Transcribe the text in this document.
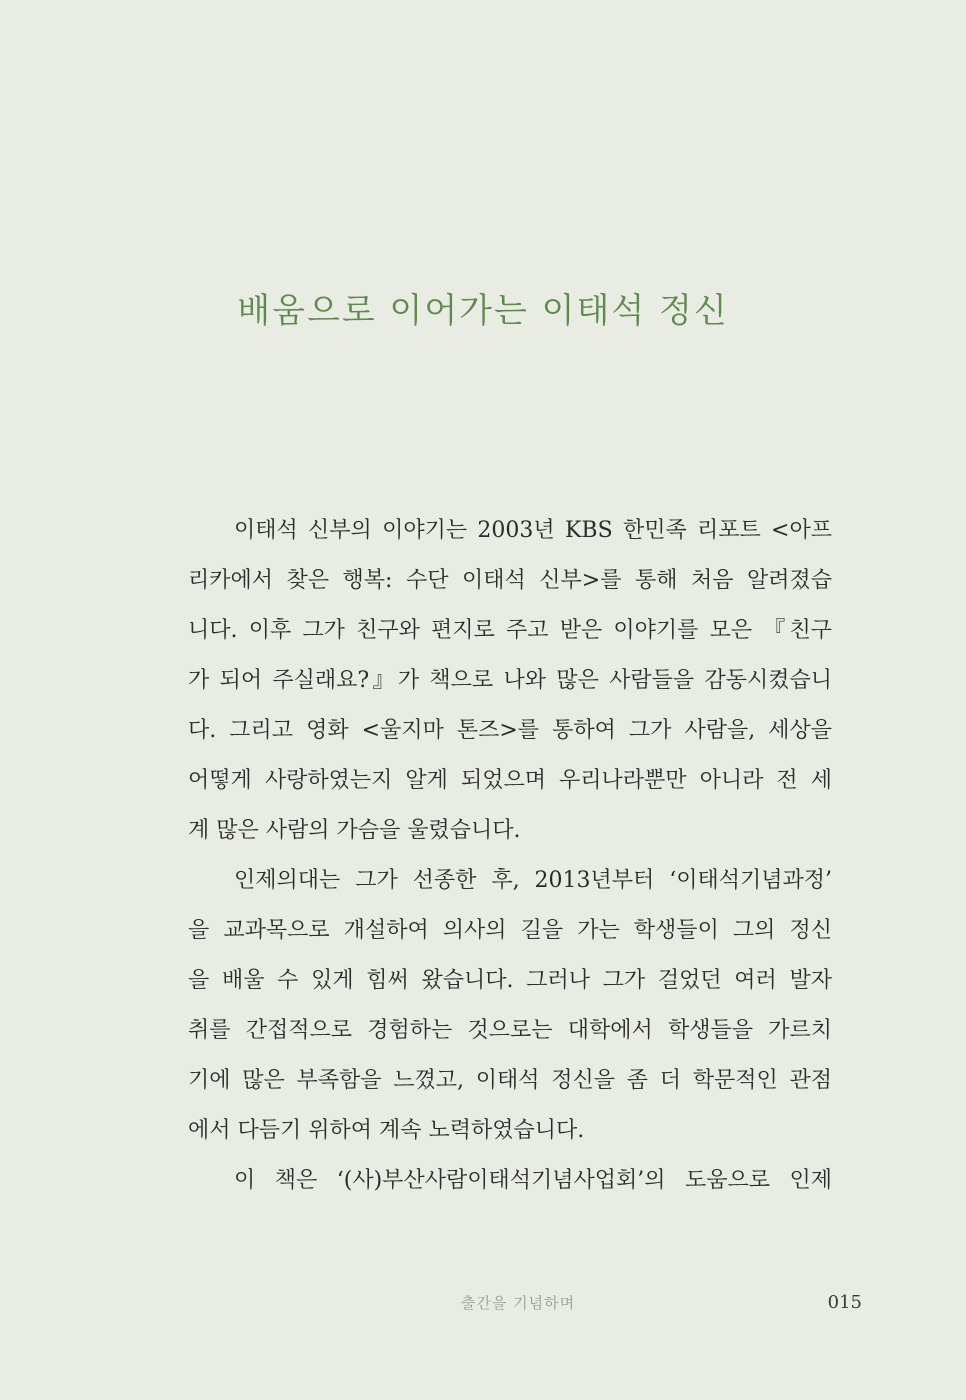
배움으로 이어가는 이태석 정신
이태석 신부의 이야기는 2003년 KBS 한민족 리포트 <아프
리카에서 찾은 행복: 수단 이태석 신부>를 통해 처음 알려졌습
니다. 이후 그가 친구와 편지로 주고 받은 이야기를 모은 『친구
가 되어 주실래요?』가 책으로 나와 많은 사람들을 감동시켰습니
다. 그리고 영화 <울지마 톤즈>를 통하여 그가 사람을, 세상을
어떻게 사랑하였는지 알게 되었으며 우리나라뿐만 아니라 전 세
계 많은 사람의 가슴을 울렸습니다.
인제의대는 그가 선종한 후, 2013년부터 ‘이태석기념과정’
을 교과목으로 개설하여 의사의 길을 가는 학생들이 그의 정신
을 배울 수 있게 힘써 왔습니다. 그러나 그가 걸었던 여러 발자
취를 간접적으로 경험하는 것으로는 대학에서 학생들을 가르치
기에 많은 부족함을 느꼈고, 이태석 정신을 좀 더 학문적인 관점
에서 다듬기 위하여 계속 노력하였습니다.
이 책은 ‘(사)부산사람이태석기념사업회’의 도움으로 인제
출간을 기념하며	015
